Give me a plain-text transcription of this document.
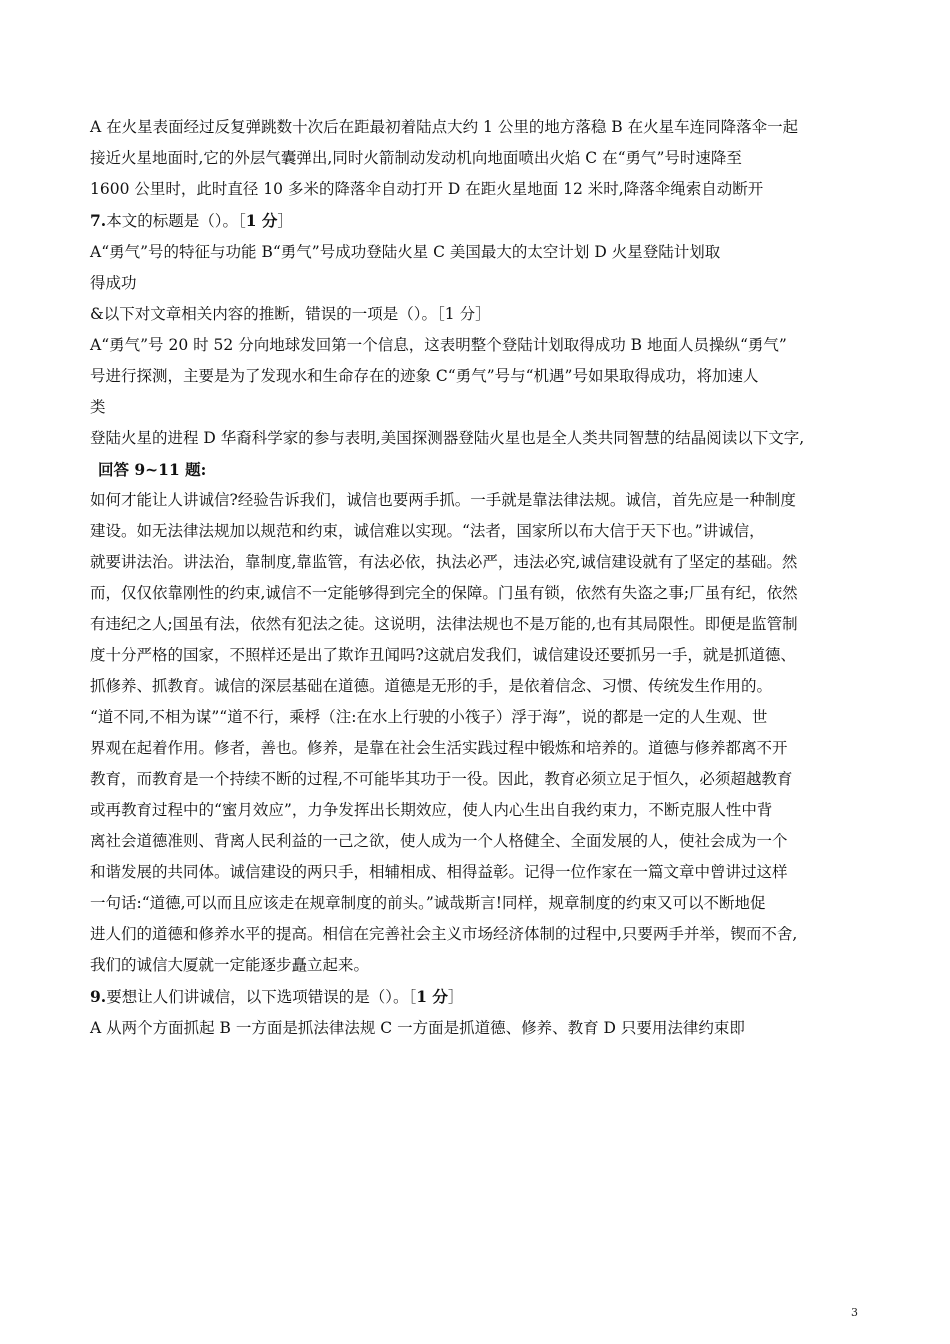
A 在火星表面经过反复弹跳数十次后在距最初着陆点大约 1 公里的地方落稳 B 在火星车连同降落伞一起
接近火星地面时,它的外层气囊弹出,同时火箭制动发动机向地面喷出火焰 C 在“勇气”号时速降至
1600 公里时，此时直径 10 多米的降落伞自动打开 D 在距火星地面 12 米时,降落伞绳索自动断开
7.本文的标题是（）。［1 分］
A“勇气”号的特征与功能 B“勇气”号成功登陆火星 C 美国最大的太空计划 D 火星登陆计划取
得成功
&以下对文章相关内容的推断，错误的一项是（）。［1 分］
A“勇气”号 20 时 52 分向地球发回第一个信息，这表明整个登陆计划取得成功 B 地面人员操纵“勇气”
号进行探测，主要是为了发现水和生命存在的迹象 C“勇气”号与“机遇”号如果取得成功，将加速人
类
登陆火星的进程 D 华裔科学家的参与表明,美国探测器登陆火星也是全人类共同智慧的结晶阅读以下文字,
回答 9~11 题:
如何才能让人讲诚信?经验告诉我们，诚信也要两手抓。一手就是靠法律法规。诚信，首先应是一种制度
建设。如无法律法规加以规范和约束，诚信难以实现。“法者，国家所以布大信于天下也。”讲诚信，
就要讲法治。讲法治，靠制度,靠监管，有法必依，执法必严，违法必究,诚信建设就有了坚定的基础。然
而，仅仅依靠刚性的约束,诚信不一定能够得到完全的保障。门虽有锁，依然有失盗之事;厂虽有纪，依然
有违纪之人;国虽有法，依然有犯法之徒。这说明，法律法规也不是万能的,也有其局限性。即便是监管制
度十分严格的国家，不照样还是出了欺诈丑闻吗?这就启发我们，诚信建设还要抓另一手，就是抓道德、
抓修养、抓教育。诚信的深层基础在道德。道德是无形的手，是依着信念、习惯、传统发生作用的。
“道不同,不相为谋”“道不行，乘桴（注:在水上行驶的小筏子）浮于海”，说的都是一定的人生观、世
界观在起着作用。修者，善也。修养，是靠在社会生活实践过程中锻炼和培养的。道德与修养都离不开
教育，而教育是一个持续不断的过程,不可能毕其功于一役。因此，教育必须立足于恒久，必须超越教育
或再教育过程中的“蜜月效应”，力争发挥出长期效应，使人内心生出自我约束力，不断克服人性中背
离社会道德准则、背离人民利益的一己之欲，使人成为一个人格健全、全面发展的人，使社会成为一个
和谐发展的共同体。诚信建设的两只手，相辅相成、相得益彰。记得一位作家在一篇文章中曾讲过这样
一句话:“道德,可以而且应该走在规章制度的前头。”诚哉斯言!同样，规章制度的约束又可以不断地促
进人们的道德和修养水平的提高。相信在完善社会主义市场经济体制的过程中,只要两手并举，锲而不舍,
我们的诚信大厦就一定能逐步矗立起来。
9.要想让人们讲诚信，以下选项错误的是（）。［1 分］
A 从两个方面抓起 B 一方面是抓法律法规 C 一方面是抓道德、修养、教育 D 只要用法律约束即
3
